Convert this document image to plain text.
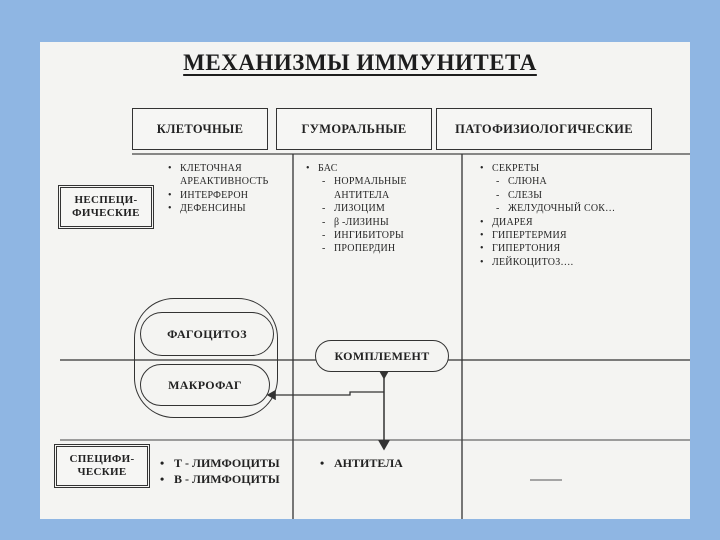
МЕХАНИЗМЫ ИММУНИТЕТА
КЛЕТОЧНЫЕ	ГУМОРАЛЬНЫЕ	ПАТОФИЗИОЛОГИЧЕСКИЕ
НЕСПЕЦИ-
ФИЧЕСКИЕ
• КЛЕТОЧНАЯ
АРЕАКТИВНОСТЬ
• ИНТЕРФЕРОН
• ДЕФЕНСИНЫ
• БАС
- НОРМАЛЬНЫЕ
АНТИТЕЛА
- ЛИЗОЦИМ
- β -ЛИЗИНЫ
- ИНГИБИТОРЫ
- ПРОПЕРДИН
• СЕКРЕТЫ
- СЛЮНА
- СЛЕЗЫ
- ЖЕЛУДОЧНЫЙ СОК…
• ДИАРЕЯ
• ГИПЕРТЕРМИЯ
• ГИПЕРТОНИЯ
• ЛЕЙКОЦИТОЗ….
ФАГОЦИТОЗ
МАКРОФАГ
КОМПЛЕМЕНТ
СПЕЦИФИ-
ЧЕСКИЕ
• Т - ЛИМФОЦИТЫ
• В - ЛИМФОЦИТЫ
• АНТИТЕЛА
